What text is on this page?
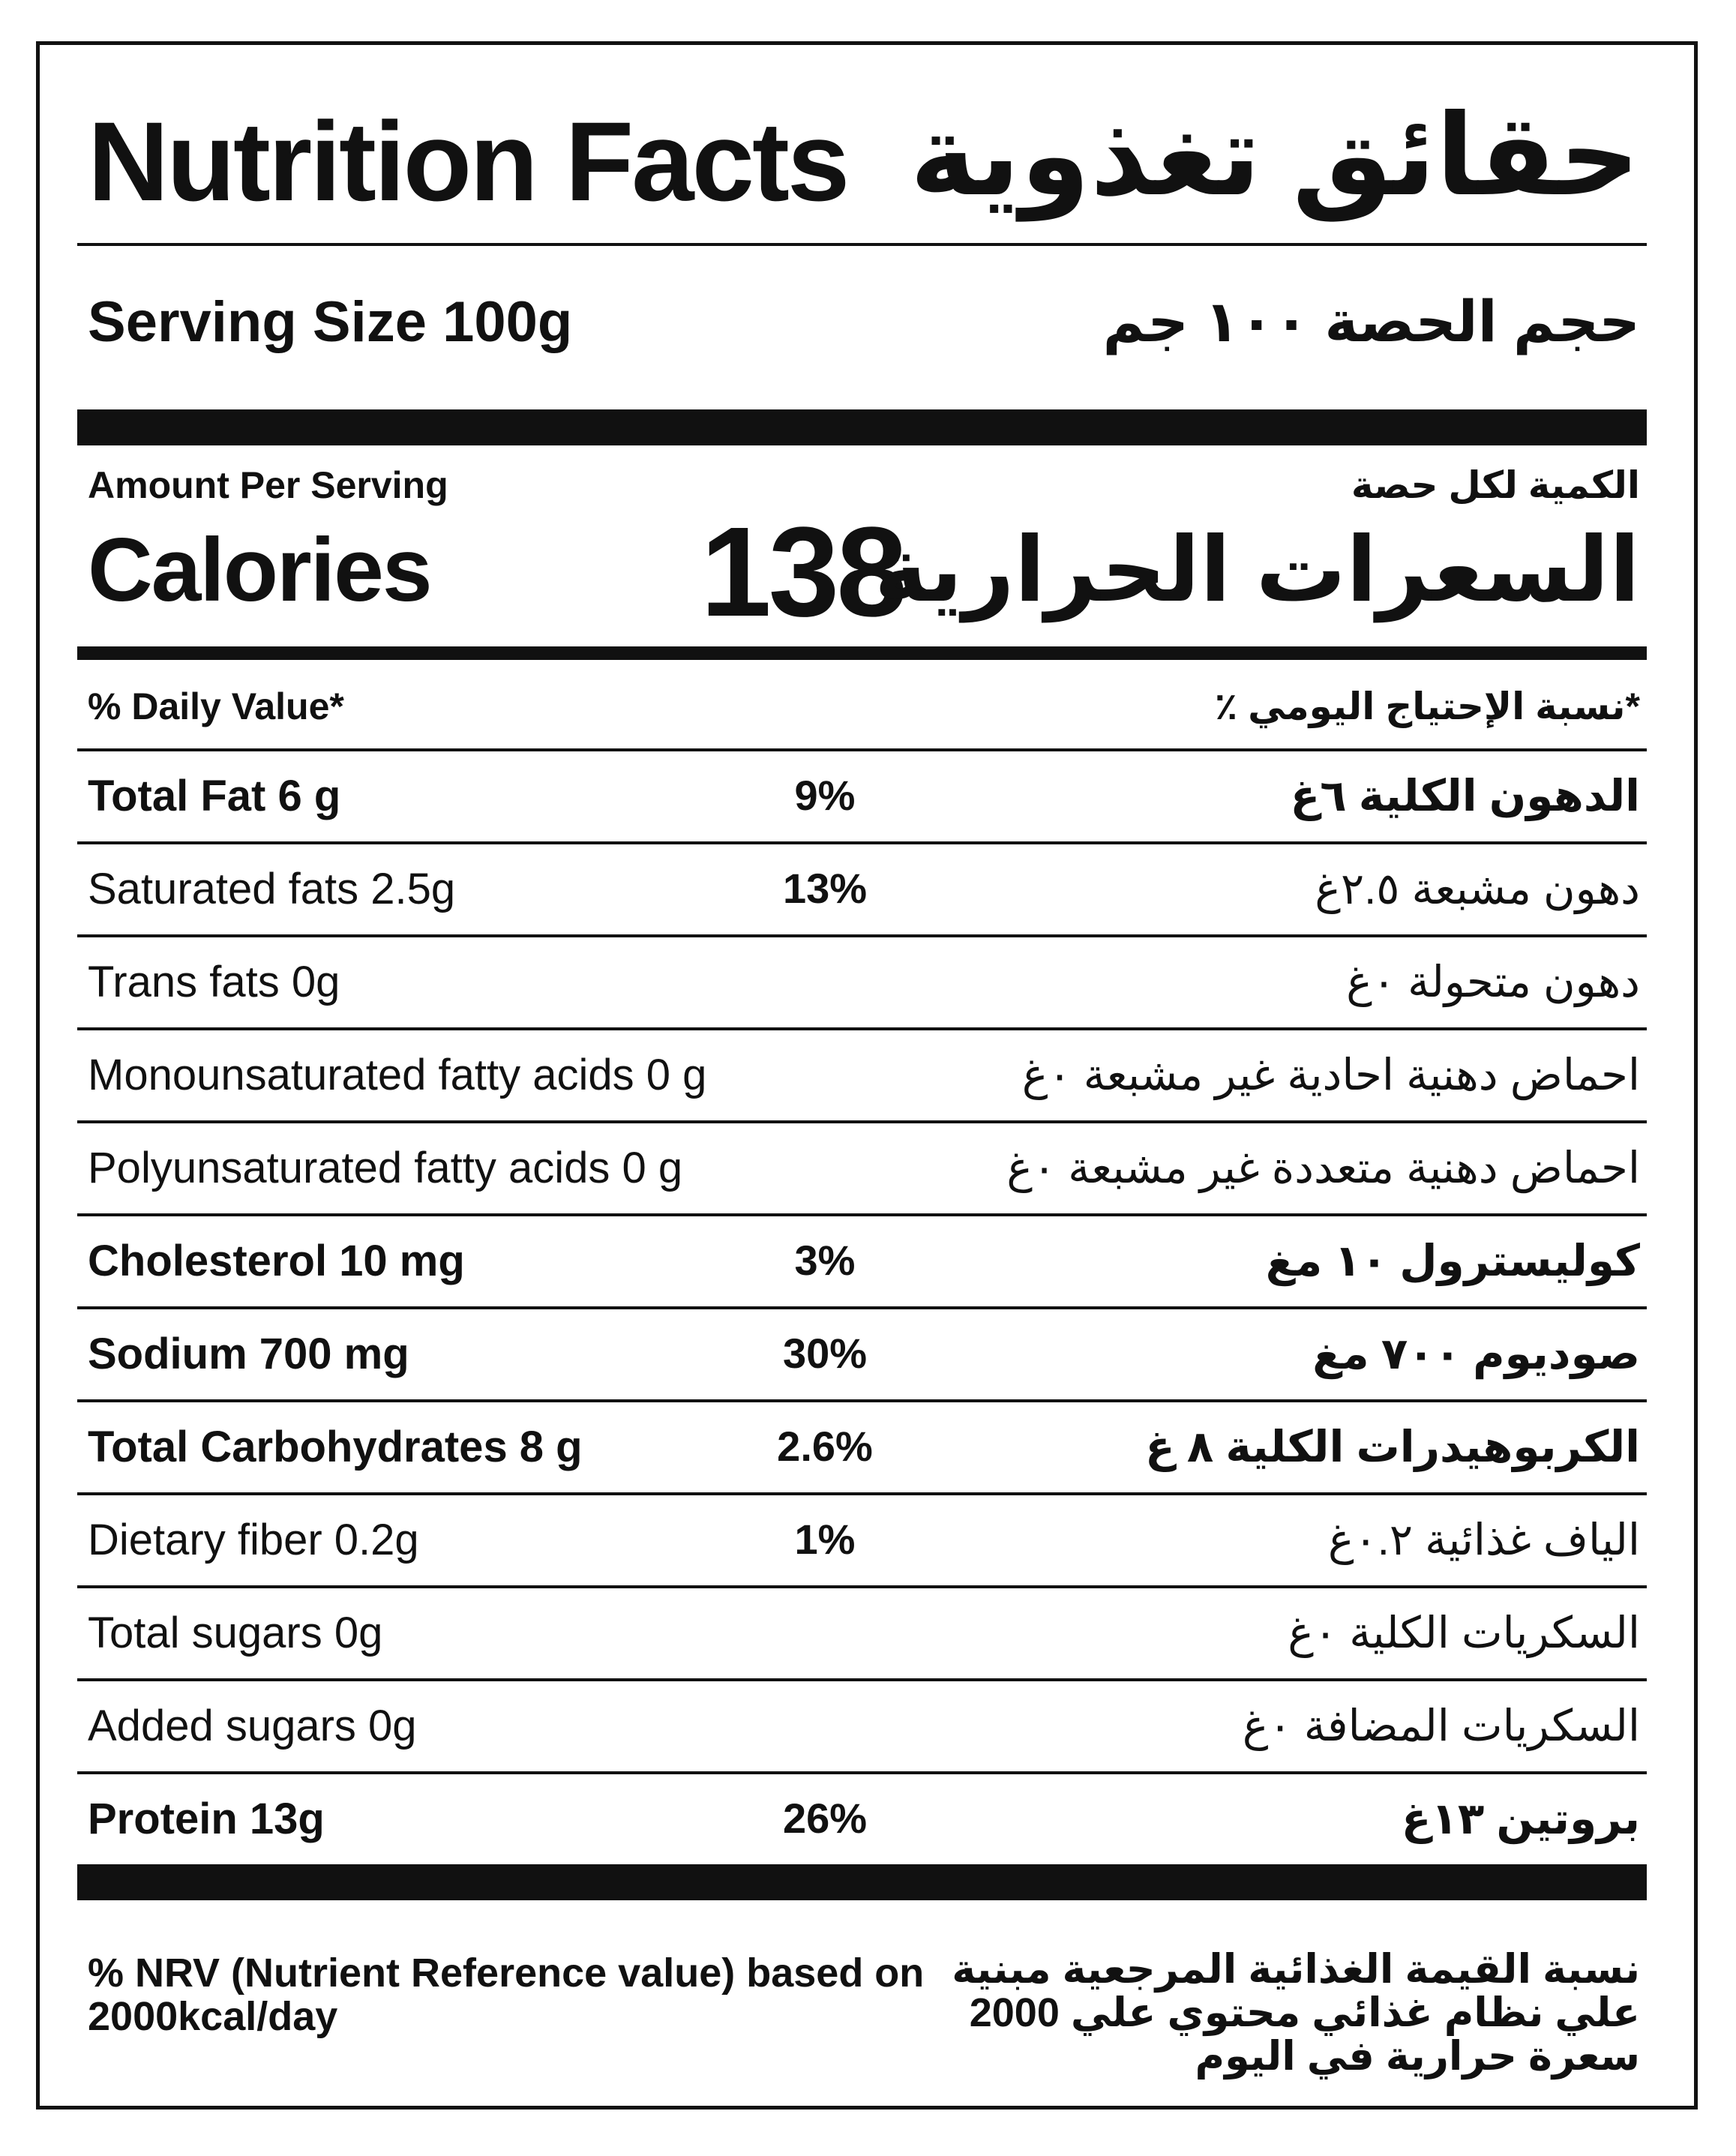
Nutrition Facts حقائق تغذوية
Serving Size 100g	حجم الحصة ١٠٠ جم
Amount Per Serving	الكمية لكل حصة
Calories 138
السعرات الحرارية
% Daily Value*	*نسبة الإحتياج اليومي ٪
Total Fat 6 g	9%	الدهون الكلية ٦غ
Saturated fats 2.5g	13%	دهون مشبعة ٢.٥غ
Trans fats 0g	دهون متحولة ٠غ
Monounsaturated fatty acids 0 g	احماض دهنية احادية غير مشبعة ٠غ
Polyunsaturated fatty acids 0 g	احماض دهنية متعددة غير مشبعة ٠غ
Cholesterol 10 mg	3%	كوليسترول ١٠ مغ
Sodium 700 mg	30%	صوديوم ٧٠٠ مغ
Total Carbohydrates 8 g	2.6%	الكربوهيدرات الكلية ٨ غ
Dietary fiber 0.2g	1%	الياف غذائية ٠.٢غ
Total sugars 0g	السكريات الكلية ٠غ
Added sugars 0g	السكريات المضافة ٠غ
Protein 13g	26%	بروتين ١٣غ
% NRV (Nutrient Reference value) based on 2000kcal/day
نسبة القيمة الغذائية المرجعية مبنية علي نظام غذائي محتوي علي 2000 سعرة حرارية في اليوم
